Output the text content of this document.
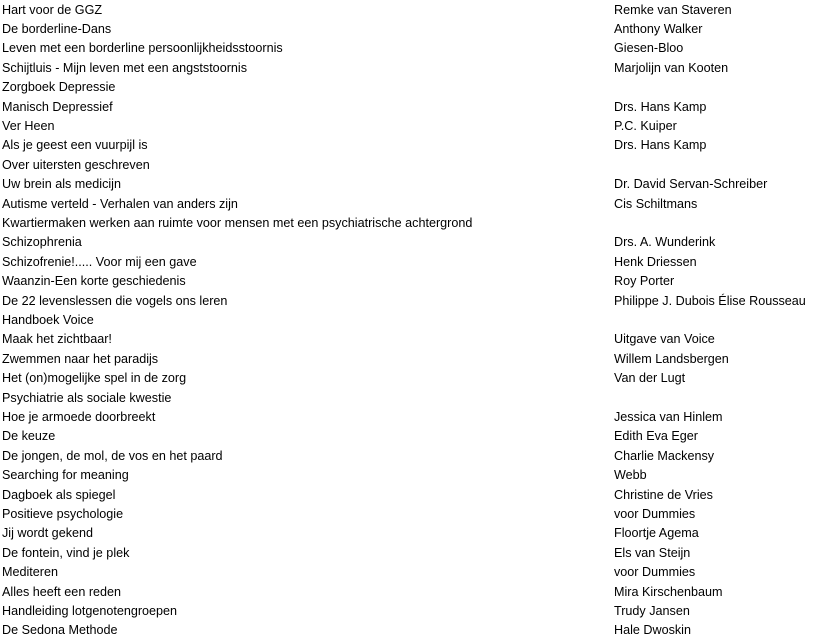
Hart voor de GGZ	Remke van Staveren
De borderline-Dans	Anthony Walker
Leven met een borderline persoonlijkheidsstoornis	Giesen-Bloo
Schijtluis - Mijn leven met een angststoornis	Marjolijn van Kooten
Zorgboek Depressie
Manisch Depressief	Drs. Hans Kamp
Ver Heen	P.C. Kuiper
Als je geest een vuurpijl is	Drs. Hans Kamp
Over uitersten geschreven
Uw brein als medicijn	Dr. David Servan-Schreiber
Autisme verteld - Verhalen van anders zijn	Cis Schiltmans
Kwartiermaken werken aan ruimte voor mensen met een psychiatrische achtergrond
Schizophrenia	Drs. A. Wunderink
Schizofrenie!..... Voor mij een gave	Henk Driessen
Waanzin-Een korte geschiedenis	Roy Porter
De 22 levenslessen die vogels ons leren	Philippe J. Dubois Élise Rousseau
Handboek Voice
Maak het zichtbaar!	Uitgave van Voice
Zwemmen naar het paradijs	Willem Landsbergen
Het (on)mogelijke spel in de zorg	Van der Lugt
Psychiatrie als sociale kwestie
Hoe je armoede doorbreekt	Jessica van Hinlem
De keuze	Edith Eva Eger
De jongen, de mol, de vos en het paard	Charlie Mackensy
Searching for meaning	Webb
Dagboek als spiegel	Christine de Vries
Positieve psychologie	voor Dummies
Jij wordt gekend	Floortje Agema
De fontein, vind je plek	Els van Steijn
Mediteren	voor Dummies
Alles heeft een reden	Mira Kirschenbaum
Handleiding lotgenotengroepen	Trudy Jansen
De Sedona Methode	Hale Dwoskin
